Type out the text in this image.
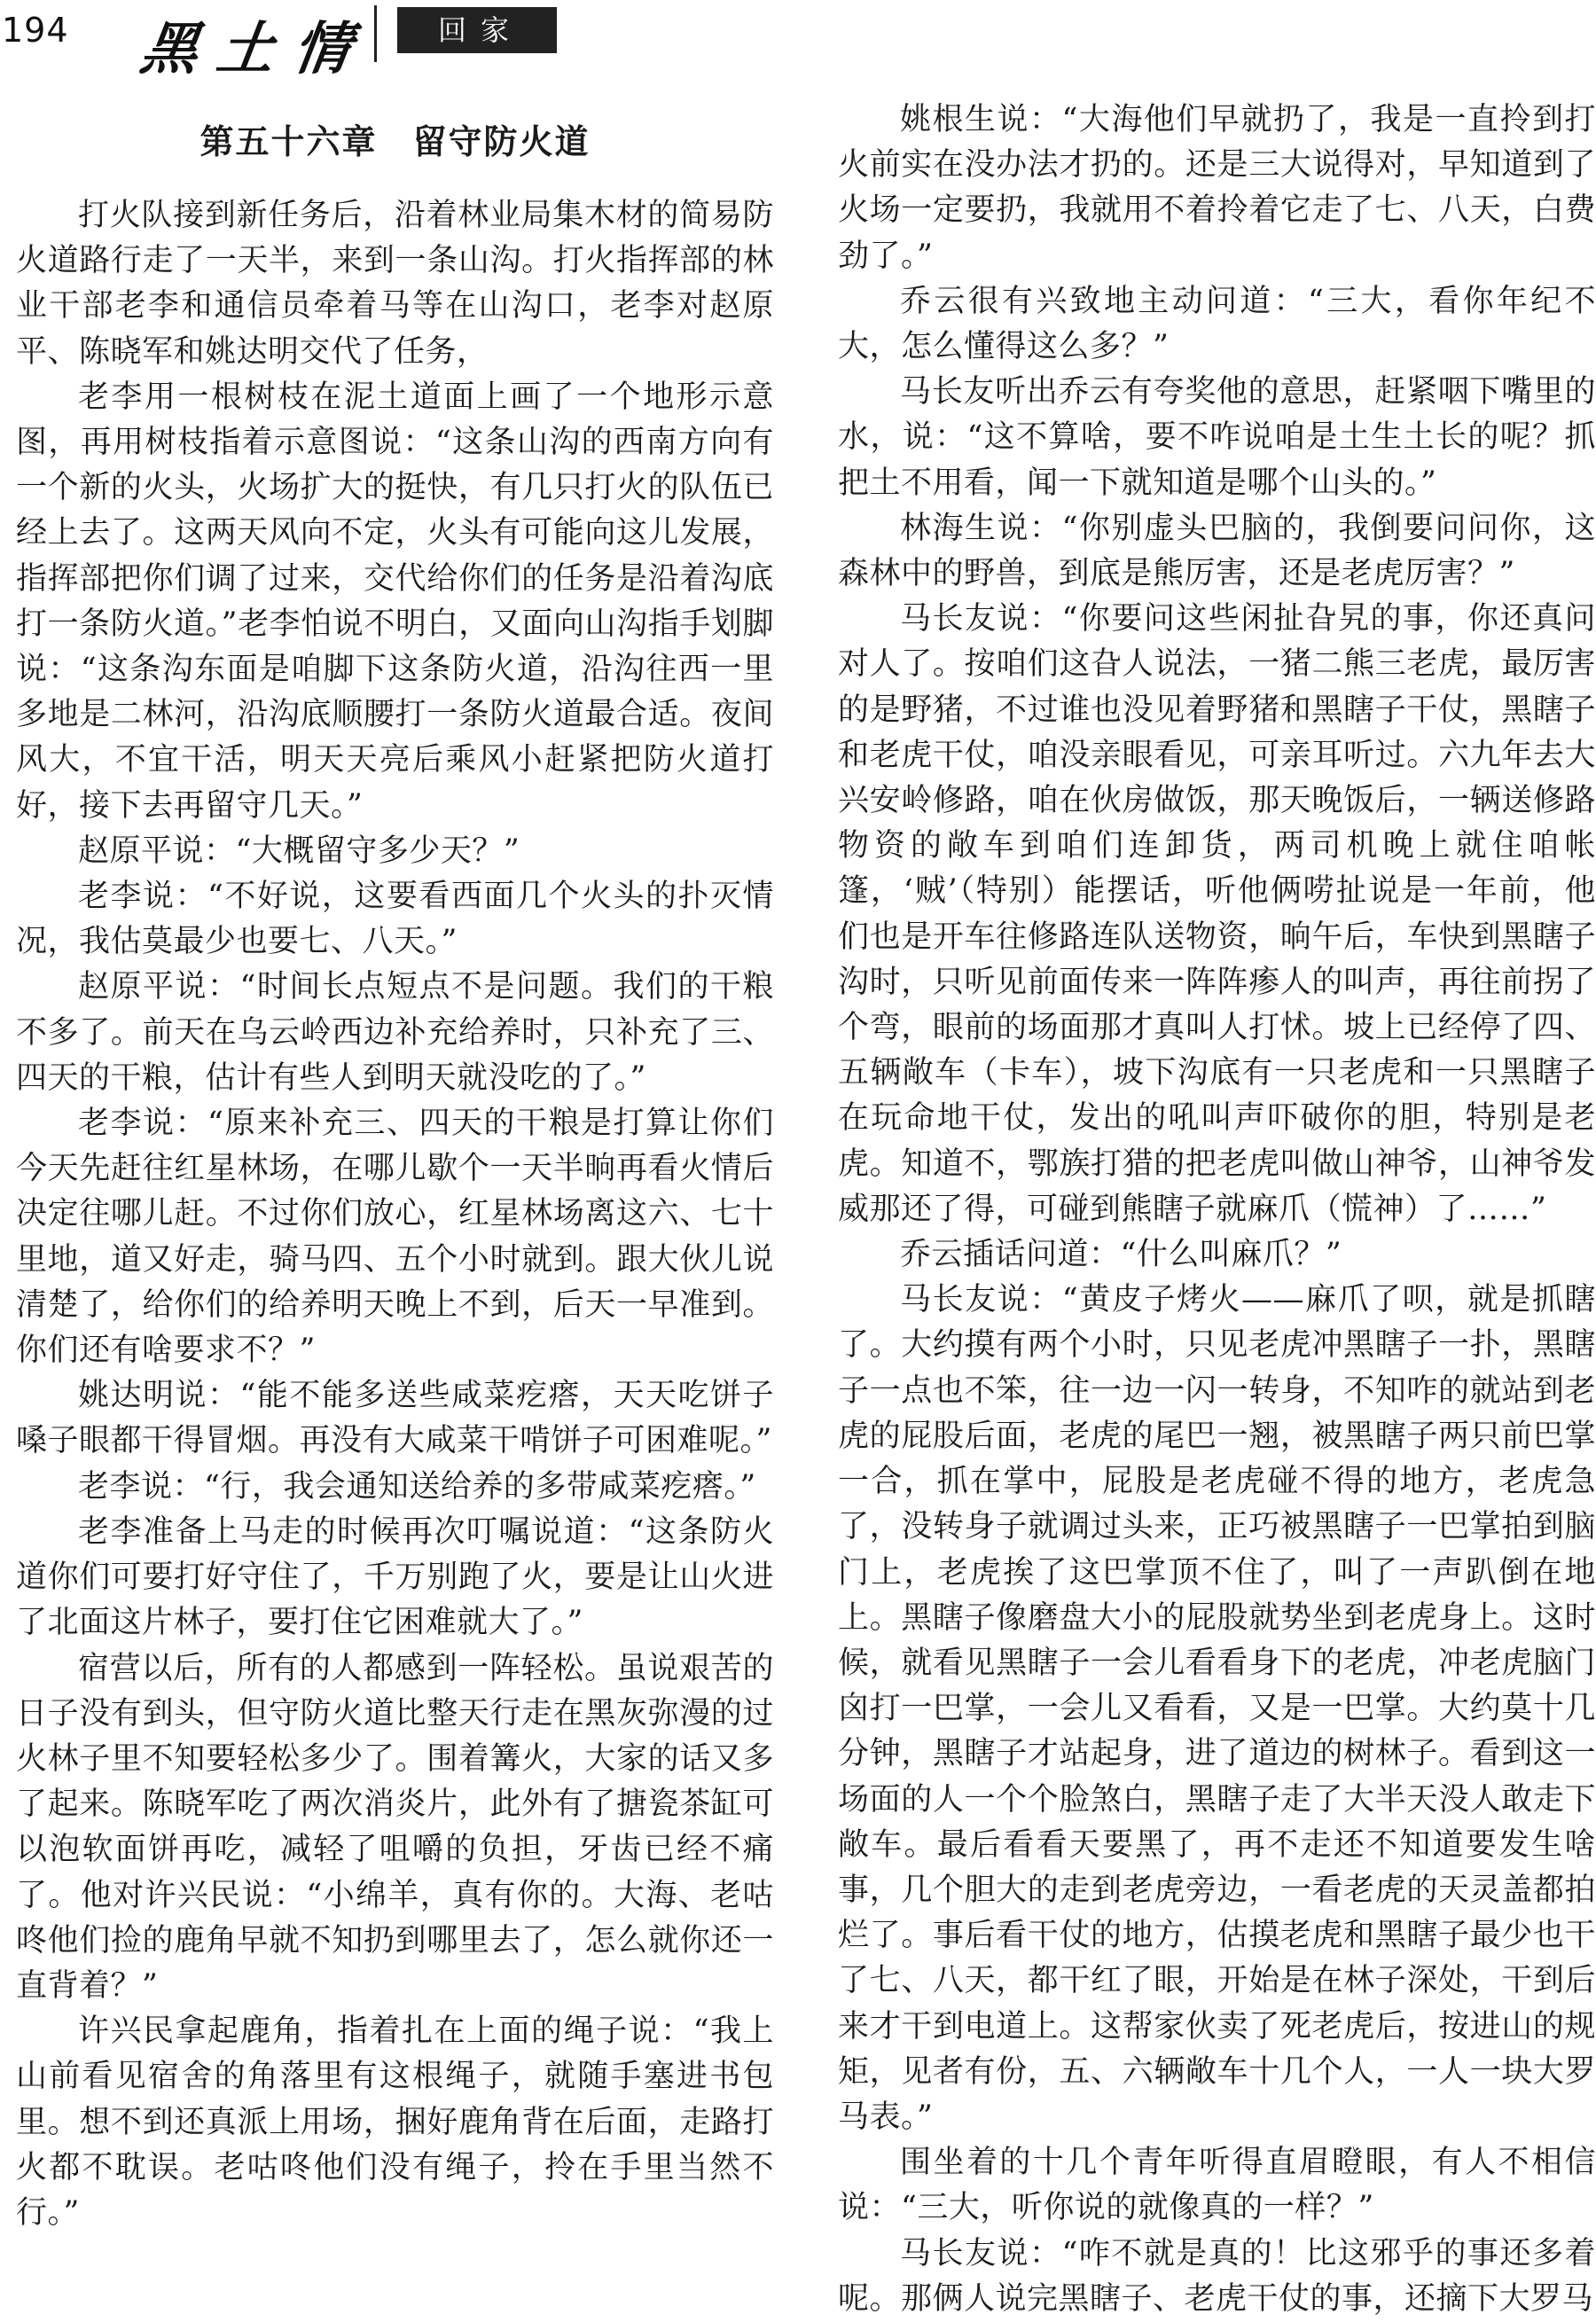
194 黑土情	回家
第五十六章　留守防火道

打火队接到新任务后，沿着林业局集木材的简易防火道路行走了一天半，来到一条山沟。打火指挥部的林业干部老李和通信员牵着马等在山沟口，老李对赵原平、陈晓军和姚达明交代了任务，

老李用一根树枝在泥土道面上画了一个地形示意图，再用树枝指着示意图说：“这条山沟的西南方向有一个新的火头，火场扩大的挺快，有几只打火的队伍已经上去了。这两天风向不定，火头有可能向这儿发展，指挥部把你们调了过来，交代给你们的任务是沿着沟底打一条防火道。”老李怕说不明白，又面向山沟指手划脚说：“这条沟东面是咱脚下这条防火道，沿沟往西一里多地是二林河，沿沟底顺腰打一条防火道最合适。夜间风大，不宜干活，明天天亮后乘风小赶紧把防火道打好，接下去再留守几天。”

赵原平说：“大概留守多少天？”

老李说：“不好说，这要看西面几个火头的扑灭情况，我估莫最少也要七、八天。”

赵原平说：“时间长点短点不是问题。我们的干粮不多了。前天在乌云岭西边补充给养时，只补充了三、四天的干粮，估计有些人到明天就没吃的了。”

老李说：“原来补充三、四天的干粮是打算让你们今天先赶往红星林场，在哪儿歇个一天半晌再看火情后决定往哪儿赶。不过你们放心，红星林场离这六、七十里地，道又好走，骑马四、五个小时就到。跟大伙儿说清楚了，给你们的给养明天晚上不到，后天一早准到。你们还有啥要求不？”

姚达明说：“能不能多送些咸菜疙瘩，天天吃饼子嗓子眼都干得冒烟。再没有大咸菜干啃饼子可困难呢。”

老李说：“行，我会通知送给养的多带咸菜疙瘩。”

老李准备上马走的时候再次叮嘱说道：“这条防火道你们可要打好守住了，千万别跑了火，要是让山火进了北面这片林子，要打住它困难就大了。”

宿营以后，所有的人都感到一阵轻松。虽说艰苦的日子没有到头，但守防火道比整天行走在黑灰弥漫的过火林子里不知要轻松多少了。围着篝火，大家的话又多了起来。陈晓军吃了两次消炎片，此外有了搪瓷茶缸可以泡软面饼再吃，减轻了咀嚼的负担，牙齿已经不痛了。他对许兴民说：“小绵羊，真有你的。大海、老咕咚他们捡的鹿角早就不知扔到哪里去了，怎么就你还一直背着？”

许兴民拿起鹿角，指着扎在上面的绳子说：“我上山前看见宿舍的角落里有这根绳子，就随手塞进书包里。想不到还真派上用场，捆好鹿角背在后面，走路打火都不耽误。老咕咚他们没有绳子，拎在手里当然不行。”

姚根生说：“大海他们早就扔了，我是一直拎到打火前实在没办法才扔的。还是三大说得对，早知道到了火场一定要扔，我就用不着拎着它走了七、八天，白费劲了。”

乔云很有兴致地主动问道：“三大，看你年纪不大，怎么懂得这么多？”

马长友听出乔云有夸奖他的意思，赶紧咽下嘴里的水，说：“这不算啥，要不咋说咱是土生土长的呢？抓把土不用看，闻一下就知道是哪个山头的。”

林海生说：“你别虚头巴脑的，我倒要问问你，这森林中的野兽，到底是熊厉害，还是老虎厉害？”

马长友说：“你要问这些闲扯旮旯的事，你还真问对人了。按咱们这旮人说法，一猪二熊三老虎，最厉害的是野猪，不过谁也没见着野猪和黑瞎子干仗，黑瞎子和老虎干仗，咱没亲眼看见，可亲耳听过。六九年去大兴安岭修路，咱在伙房做饭，那天晚饭后，一辆送修路物资的敞车到咱们连卸货，两司机晚上就住咱帐篷，‘贼’（特别）能摆话，听他俩唠扯说是一年前，他们也是开车往修路连队送物资，晌午后，车快到黑瞎子沟时，只听见前面传来一阵阵瘆人的叫声，再往前拐了个弯，眼前的场面那才真叫人打怵。坡上已经停了四、五辆敞车（卡车），坡下沟底有一只老虎和一只黑瞎子在玩命地干仗，发出的吼叫声吓破你的胆，特别是老虎。知道不，鄂族打猎的把老虎叫做山神爷，山神爷发威那还了得，可碰到熊瞎子就麻爪（慌神）了……”

乔云插话问道：“什么叫麻爪？”

马长友说：“黄皮子烤火——麻爪了呗，就是抓瞎了。大约摸有两个小时，只见老虎冲黑瞎子一扑，黑瞎子一点也不笨，往一边一闪一转身，不知咋的就站到老虎的屁股后面，老虎的尾巴一翘，被黑瞎子两只前巴掌一合，抓在掌中，屁股是老虎碰不得的地方，老虎急了，没转身子就调过头来，正巧被黑瞎子一巴掌拍到脑门上，老虎挨了这巴掌顶不住了，叫了一声趴倒在地上。黑瞎子像磨盘大小的屁股就势坐到老虎身上。这时候，就看见黑瞎子一会儿看看身下的老虎，冲老虎脑门囟打一巴掌，一会儿又看看，又是一巴掌。大约莫十几分钟，黑瞎子才站起身，进了道边的树林子。看到这一场面的人一个个脸煞白，黑瞎子走了大半天没人敢走下敞车。最后看看天要黑了，再不走还不知道要发生啥事，几个胆大的走到老虎旁边，一看老虎的天灵盖都拍烂了。事后看干仗的地方，估摸老虎和黑瞎子最少也干了七、八天，都干红了眼，开始是在林子深处，干到后来才干到电道上。这帮家伙卖了死老虎后，按进山的规矩，见者有份，五、六辆敞车十几个人，一人一块大罗马表。”

围坐着的十几个青年听得直眉瞪眼，有人不相信说：“三大，听你说的就像真的一样？”

马长友说：“咋不就是真的！比这邪乎的事还多着呢。那俩人说完黑瞎子、老虎干仗的事，还摘下大罗马
